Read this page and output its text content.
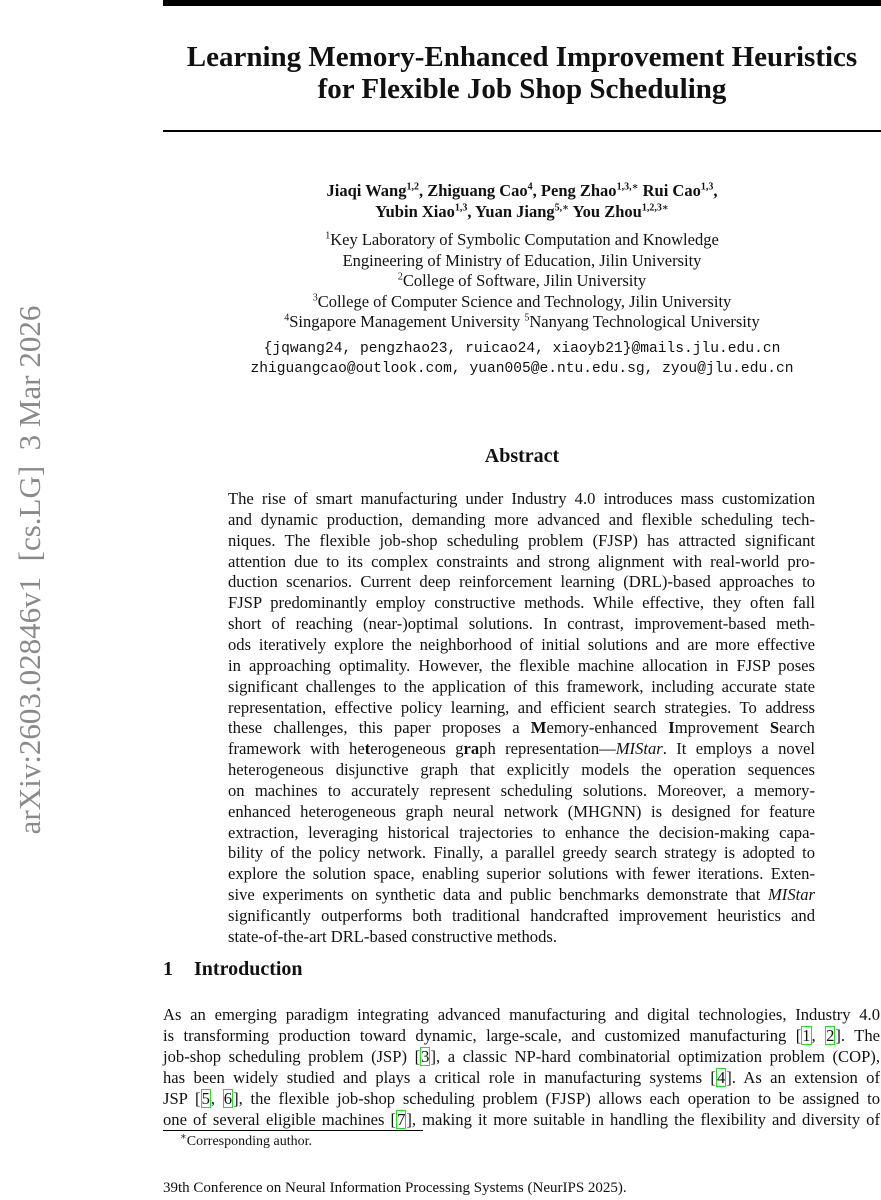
arXiv:2603.02846v1  [cs.LG]  3 Mar 2026
Learning Memory-Enhanced Improvement Heuristics
for Flexible Job Shop Scheduling
Jiaqi Wang$^{1,2}$, Zhiguang Cao$^4$, Peng Zhao$^{1,3,∗}$ Rui Cao$^{1,3}$,
Yubin Xiao$^{1,3}$, Yuan Jiang$^{5,∗}$ You Zhou$^{1,2,3∗}$
$^1$Key Laboratory of Symbolic Computation and Knowledge
Engineering of Ministry of Education, Jilin University
$^2$College of Software, Jilin University
$^3$College of Computer Science and Technology, Jilin University
$^4$Singapore Management University $^5$Nanyang Technological University
{jqwang24, pengzhao23, ruicao24, xiaoyb21}@mails.jlu.edu.cn
zhiguangcao@outlook.com, yuan005@e.ntu.edu.sg, zyou@jlu.edu.cn
Abstract
The rise of smart manufacturing under Industry 4.0 introduces mass customization
and dynamic production, demanding more advanced and flexible scheduling tech-
niques. The flexible job-shop scheduling problem (FJSP) has attracted significant
attention due to its complex constraints and strong alignment with real-world pro-
duction scenarios. Current deep reinforcement learning (DRL)-based approaches to
FJSP predominantly employ constructive methods. While effective, they often fall
short of reaching (near-)optimal solutions. In contrast, improvement-based meth-
ods iteratively explore the neighborhood of initial solutions and are more effective
in approaching optimality. However, the flexible machine allocation in FJSP poses
significant challenges to the application of this framework, including accurate state
representation, effective policy learning, and efficient search strategies. To address
these challenges, this paper proposes a Memory-enhanced Improvement Search
framework with heterogeneous graph representation—MIStar. It employs a novel
heterogeneous disjunctive graph that explicitly models the operation sequences
on machines to accurately represent scheduling solutions. Moreover, a memory-
enhanced heterogeneous graph neural network (MHGNN) is designed for feature
extraction, leveraging historical trajectories to enhance the decision-making capa-
bility of the policy network. Finally, a parallel greedy search strategy is adopted to
explore the solution space, enabling superior solutions with fewer iterations. Exten-
sive experiments on synthetic data and public benchmarks demonstrate that MIStar
significantly outperforms both traditional handcrafted improvement heuristics and
state-of-the-art DRL-based constructive methods.
1 Introduction
As an emerging paradigm integrating advanced manufacturing and digital technologies, Industry 4.0
is transforming production toward dynamic, large-scale, and customized manufacturing [1, 2]. The
job-shop scheduling problem (JSP) [3], a classic NP-hard combinatorial optimization problem (COP),
has been widely studied and plays a critical role in manufacturing systems [4]. As an extension of
JSP [5, 6], the flexible job-shop scheduling problem (FJSP) allows each operation to be assigned to
one of several eligible machines [7], making it more suitable in handling the flexibility and diversity of
∗Corresponding author.
39th Conference on Neural Information Processing Systems (NeurIPS 2025).
